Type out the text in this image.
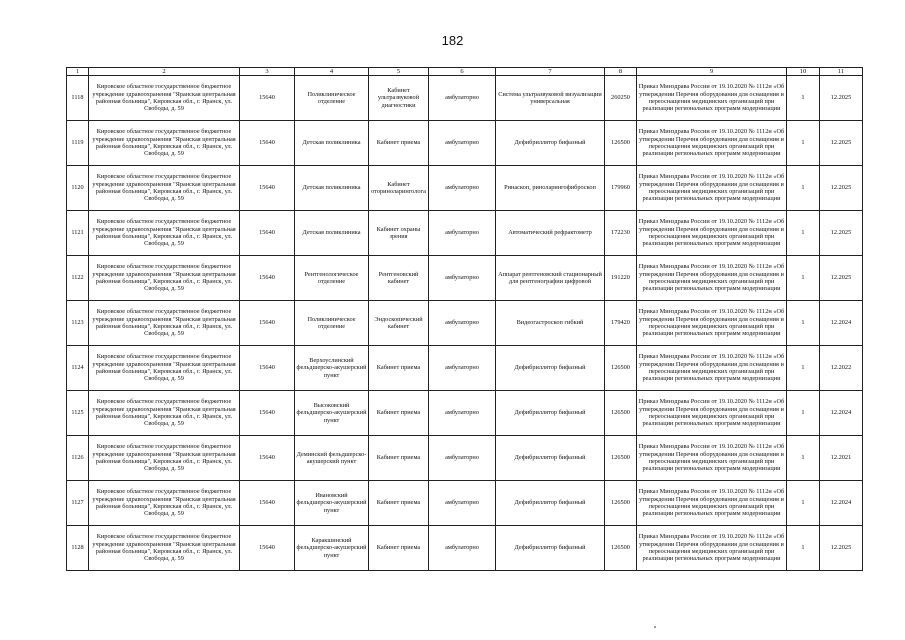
182
1	2	3	4	5	6	7	8	9	10	11
1118	Кировское областное государственное бюджетное учреждение здравоохранения "Яранская центральная районная больница", Кировская обл., г. Яранск, ул. Свободы, д. 59	15640	Поликлиническое отделение	Кабинет ультразвуковой диагностики	амбулаторно	Система ультразвуковой визуализации универсальная	260250	Приказ Минздрава России от 19.10.2020 № 1112н «Об утверждении Перечня оборудования для оснащения и переоснащения медицинских организаций при реализации региональных программ модернизации	1	12.2025
1119	Кировское областное государственное бюджетное учреждение здравоохранения "Яранская центральная районная больница", Кировская обл., г. Яранск, ул. Свободы, д. 59	15640	Детская поликлиника	Кабинет приема	амбулаторно	Дефибриллятор бифазный	126500	Приказ Минздрава России от 19.10.2020 № 1112н «Об утверждении Перечня оборудования для оснащения и переоснащения медицинских организаций при реализации региональных программ модернизации	1	12.2025
1120	Кировское областное государственное бюджетное учреждение здравоохранения "Яранская центральная районная больница", Кировская обл., г. Яранск, ул. Свободы, д. 59	15640	Детская поликлиника	Кабинет оториноларинголога	амбулаторно	Ринаскоп, риноларингофиброскоп	179960	Приказ Минздрава России от 19.10.2020 № 1112н «Об утверждении Перечня оборудования для оснащения и переоснащения медицинских организаций при реализации региональных программ модернизации	1	12.2025
1121	Кировское областное государственное бюджетное учреждение здравоохранения "Яранская центральная районная больница", Кировская обл., г. Яранск, ул. Свободы, д. 59	15640	Детская поликлиника	Кабинет охраны зрения	амбулаторно	Автоматический рефрактометр	172230	Приказ Минздрава России от 19.10.2020 № 1112н «Об утверждении Перечня оборудования для оснащения и переоснащения медицинских организаций при реализации региональных программ модернизации	1	12.2025
1122	Кировское областное государственное бюджетное учреждение здравоохранения "Яранская центральная районная больница", Кировская обл., г. Яранск, ул. Свободы, д. 59	15640	Рентгенологическое отделение	Рентгеновский кабинет	амбулаторно	Аппарат рентгеновский стационарный для рентгенографии цифровой	191220	Приказ Минздрава России от 19.10.2020 № 1112н «Об утверждении Перечня оборудования для оснащения и переоснащения медицинских организаций при реализации региональных программ модернизации	1	12.2025
1123	Кировское областное государственное бюджетное учреждение здравоохранения "Яранская центральная районная больница", Кировская обл., г. Яранск, ул. Свободы, д. 59	15640	Поликлиническое отделение	Эндоскопический кабинет	амбулаторно	Видеогастроскоп гибкий	179420	Приказ Минздрава России от 19.10.2020 № 1112н «Об утверждении Перечня оборудования для оснащения и переоснащения медицинских организаций при реализации региональных программ модернизации	1	12.2024
1124	Кировское областное государственное бюджетное учреждение здравоохранения "Яранская центральная районная больница", Кировская обл., г. Яранск, ул. Свободы, д. 59	15640	Верхоуслинский фельдшерско-акушерский пункт	Кабинет приема	амбулаторно	Дефибриллятор бифазный	126500	Приказ Минздрава России от 19.10.2020 № 1112н «Об утверждении Перечня оборудования для оснащения и переоснащения медицинских организаций при реализации региональных программ модернизации	1	12.2022
1125	Кировское областное государственное бюджетное учреждение здравоохранения "Яранская центральная районная больница", Кировская обл., г. Яранск, ул. Свободы, д. 59	15640	Высоковский фельдшерско-акушерский пункт	Кабинет приема	амбулаторно	Дефибриллятор бифазный	126500	Приказ Минздрава России от 19.10.2020 № 1112н «Об утверждении Перечня оборудования для оснащения и переоснащения медицинских организаций при реализации региональных программ модернизации	1	12.2024
1126	Кировское областное государственное бюджетное учреждение здравоохранения "Яранская центральная районная больница", Кировская обл., г. Яранск, ул. Свободы, д. 59	15640	Деминский фельдшерско-акушерский пункт	Кабинет приема	амбулаторно	Дефибриллятор бифазный	126500	Приказ Минздрава России от 19.10.2020 № 1112н «Об утверждении Перечня оборудования для оснащения и переоснащения медицинских организаций при реализации региональных программ модернизации	1	12.2021
1127	Кировское областное государственное бюджетное учреждение здравоохранения "Яранская центральная районная больница", Кировская обл., г. Яранск, ул. Свободы, д. 59	15640	Ивановский фельдшерско-акушерский пункт	Кабинет приема	амбулаторно	Дефибриллятор бифазный	126500	Приказ Минздрава России от 19.10.2020 № 1112н «Об утверждении Перечня оборудования для оснащения и переоснащения медицинских организаций при реализации региональных программ модернизации	1	12.2024
1128	Кировское областное государственное бюджетное учреждение здравоохранения "Яранская центральная районная больница", Кировская обл., г. Яранск, ул. Свободы, д. 59	15640	Каракшинский фельдшерско-акушерский пункт	Кабинет приема	амбулаторно	Дефибриллятор бифазный	126500	Приказ Минздрава России от 19.10.2020 № 1112н «Об утверждении Перечня оборудования для оснащения и переоснащения медицинских организаций при реализации региональных программ модернизации	1	12.2025
